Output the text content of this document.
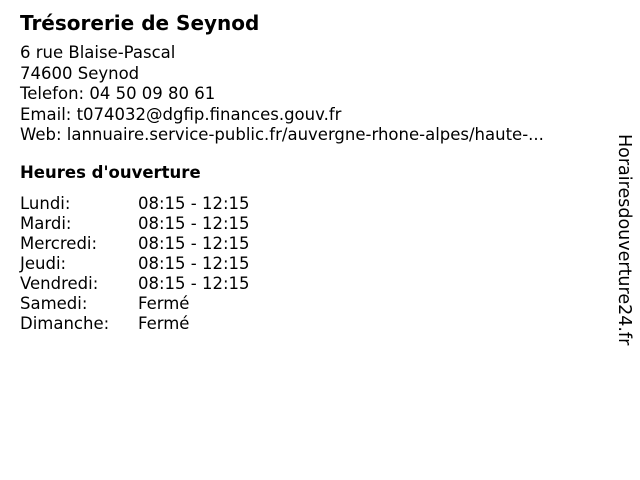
Trésorerie de Seynod
6 rue Blaise-Pascal
74600 Seynod
Telefon: 04 50 09 80 61
Email: t074032@dgfip.finances.gouv.fr
Web: lannuaire.service-public.fr/auvergne-rhone-alpes/haute-...
Heures d'ouverture
Lundi:	08:15 - 12:15
Mardi:	08:15 - 12:15
Mercredi: 08:15 - 12:15
Jeudi:	08:15 - 12:15
Vendredi: 08:15 - 12:15
Samedi:	Fermé
Dimanche: Fermé	Horairesdouverture24.fr
